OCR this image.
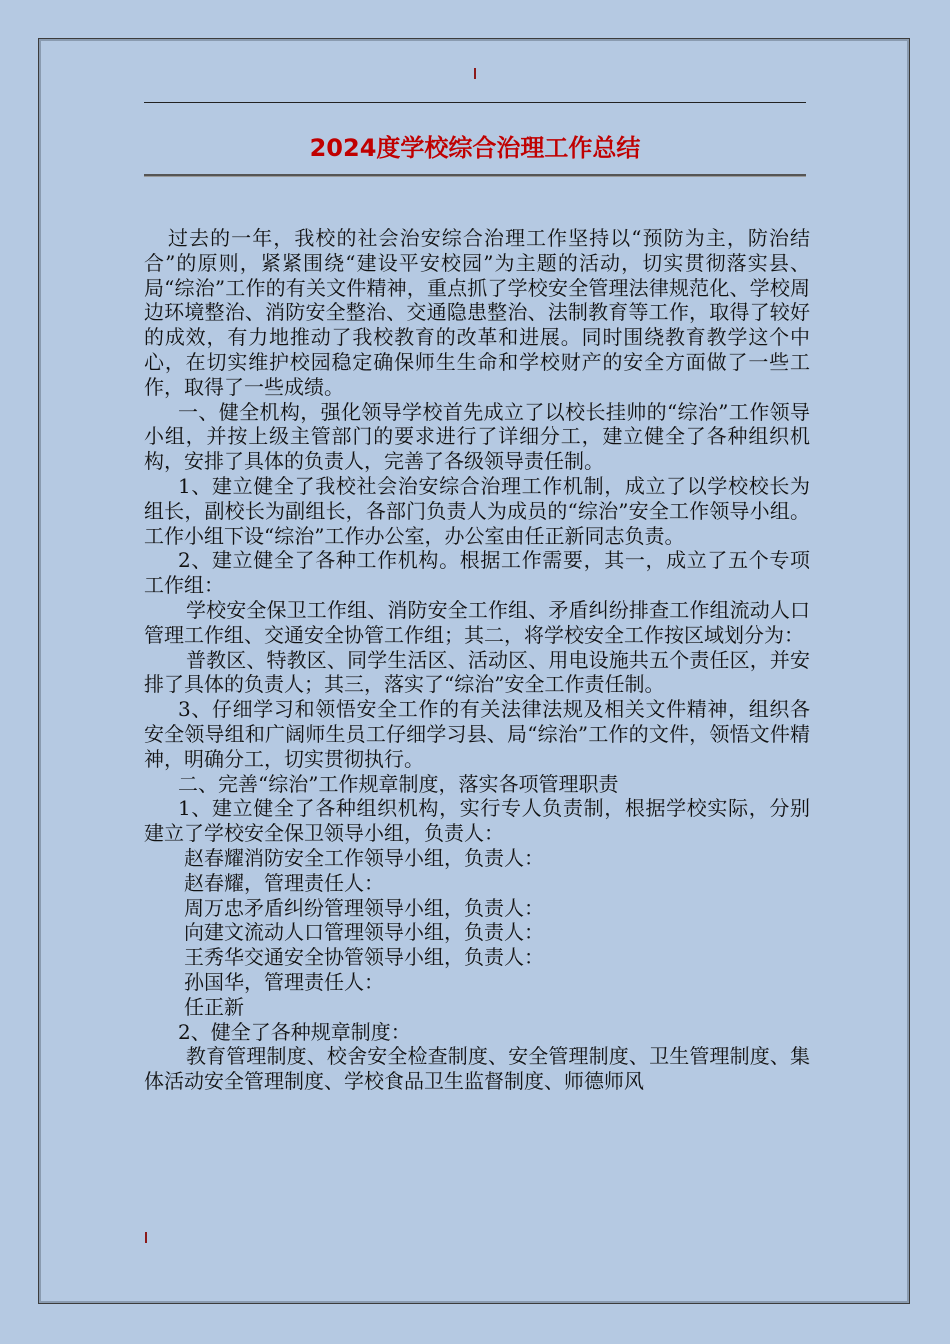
2024度学校综合治理工作总结

过去的一年，我校的社会治安综合治理工作坚持以“预防为主，防治结合”的原则，紧紧围绕“建设平安校园”为主题的活动，切实贯彻落实县、局“综治”工作的有关文件精神，重点抓了学校安全管理法律规范化、学校周边环境整治、消防安全整治、交通隐患整治、法制教育等工作，取得了较好的成效，有力地推动了我校教育的改革和进展。同时围绕教育教学这个中心，在切实维护校园稳定确保师生生命和学校财产的安全方面做了一些工作，取得了一些成绩。

一、健全机构，强化领导学校首先成立了以校长挂帅的“综治”工作领导小组，并按上级主管部门的要求进行了详细分工，建立健全了各种组织机构，安排了具体的负责人，完善了各级领导责任制。

1、建立健全了我校社会治安综合治理工作机制，成立了以学校校长为组长，副校长为副组长，各部门负责人为成员的“综治”安全工作领导小组。工作小组下设“综治”工作办公室，办公室由任正新同志负责。

2、建立健全了各种工作机构。根据工作需要，其一，成立了五个专项工作组：

学校安全保卫工作组、消防安全工作组、矛盾纠纷排查工作组流动人口管理工作组、交通安全协管工作组；其二，将学校安全工作按区域划分为：

普教区、特教区、同学生活区、活动区、用电设施共五个责任区，并安排了具体的负责人；其三，落实了“综治”安全工作责任制。

3、仔细学习和领悟安全工作的有关法律法规及相关文件精神，组织各安全领导组和广阔师生员工仔细学习县、局“综治”工作的文件，领悟文件精神，明确分工，切实贯彻执行。

二、完善“综治”工作规章制度，落实各项管理职责

1、建立健全了各种组织机构，实行专人负责制，根据学校实际，分别建立了学校安全保卫领导小组，负责人：

赵春耀消防安全工作领导小组，负责人：

赵春耀，管理责任人：

周万忠矛盾纠纷管理领导小组，负责人：

向建文流动人口管理领导小组，负责人：

王秀华交通安全协管领导小组，负责人：

孙国华，管理责任人：

任正新

2、健全了各种规章制度：

教育管理制度、校舍安全检查制度、安全管理制度、卫生管理制度、集体活动安全管理制度、学校食品卫生监督制度、师德师风
